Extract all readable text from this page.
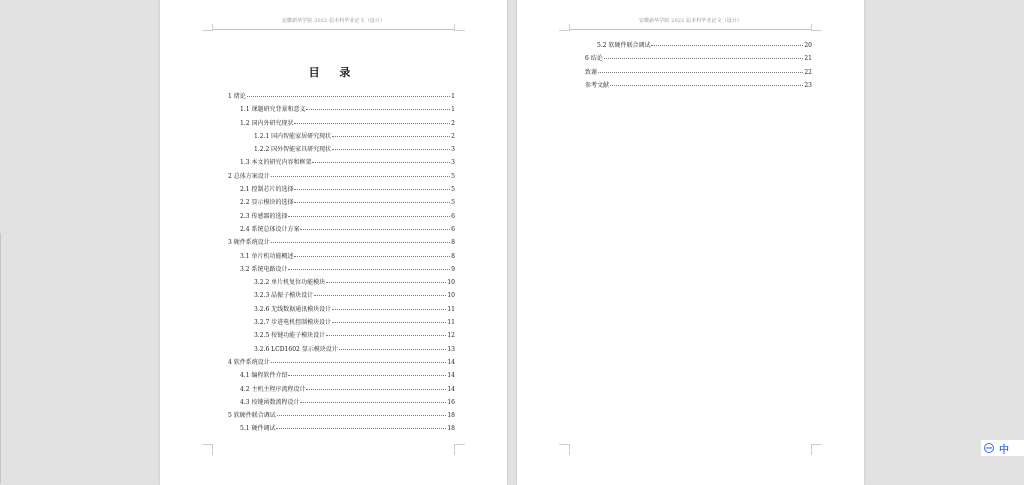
安徽新华学院 2022 届本科毕业论文（设计）
目 录
1 绪论	1
1.1 课题研究背景和意义	1
1.2 国内外研究现状	2
1.2.1 国内智能家居研究现状	2
1.2.2 国外智能家具研究现状	3
1.3 本文的研究内容和框架	3
2 总体方案设计	5
2.1 控制芯片的选择	5
2.2 显示模块的选择	5
2.3 传感器的选择	6
2.4 系统总体设计方案	6
3 硬件系统设计	8
3.1 单片机功能概述	8
3.2 系统电路设计	9
3.2.2 单片机复位功能模块	10
3.2.3 晶振子模块设计	10
3.2.6 无线数据通讯模块设计	11
3.2.7 步进电机控制模块设计	11
3.2.5 按键功能子模块设计	12
3.2.6 LCD1602 显示模块设计	13
4 软件系统设计	14
4.1 编程软件介绍	14
4.2 主机主程序流程设计	14
4.3 按键函数流程设计	16
5 软硬件联合调试	18
5.1 硬件调试	18
安徽新华学院 2022 届本科毕业论文（设计）
5.2 软硬件联合调试	20
6 结论	21
致谢	22
参考文献	23
IME 中
